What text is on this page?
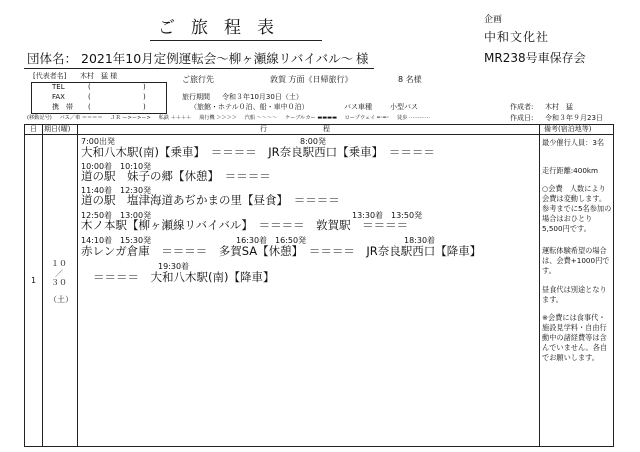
ご旅程表	企画
中和文化社
MR238号車保存会
団体名： 2021年10月定例運転会～柳ヶ瀬線リバイバル～ 様
[代表者名] 木村　猛 様
TEL	(	)
FAX	(	)
携　帯 (	)
ご旅行先	敦賀 方面《日帰旅行》	8 名様
旅行期間 令和３年10月30日（土）
（旅館・ホテル０泊、船・車中０泊）	バス車種	小型バス	作成者: 木村　猛
作成日: 令和３年９月23日
(移動記号) バス／車 ＝＝＝＝ ＪＲ ー>ー>ー> 私鉄 ＋＋＋＋ 飛行機 ＞＞＞＞ 汽船 ～～～～ ケーブルカー ▬▬▬▬ ロープウェイ ━◦━◦ 徒歩 ⋯⋯⋯⋯
日 期日(曜)	行　　　　　　　　程	備考(宿泊地等)
1
１０
／
３０
（土）
7:00出発	8:00発
大和八木駅(南)【乗車】　＝＝＝＝　JR奈良駅西口【乗車】　＝＝＝＝
10:00着　10:10発
道の駅　妹子の郷【休憩】　＝＝＝＝
11:40着　12:30発
道の駅　塩津海道あぢかまの里【昼食】　＝＝＝＝
12:50着　13:00発	13:30着　13:50発
木ノ本駅【柳ヶ瀬線リバイバル】　＝＝＝＝　敦賀駅　＝＝＝＝
14:10着　15:30発	16:30着　16:50発	18:30着
赤レンガ倉庫　＝＝＝＝　多賀SA【休憩】　＝＝＝＝　JR奈良駅西口【降車】
19:30着
＝＝＝＝　大和八木駅(南)【降車】
最少催行人員：3名
走行距離:400km
○会費　人数により会費は変動します。参考までに5名参加の場合はおひとり5,500円です。
運転体験希望の場合は、会費+1000円です。
昼食代は別途となります。
※会費には食事代・施設見学料・自由行動中の諸経費等は含んでいません。各自でお願いします。
